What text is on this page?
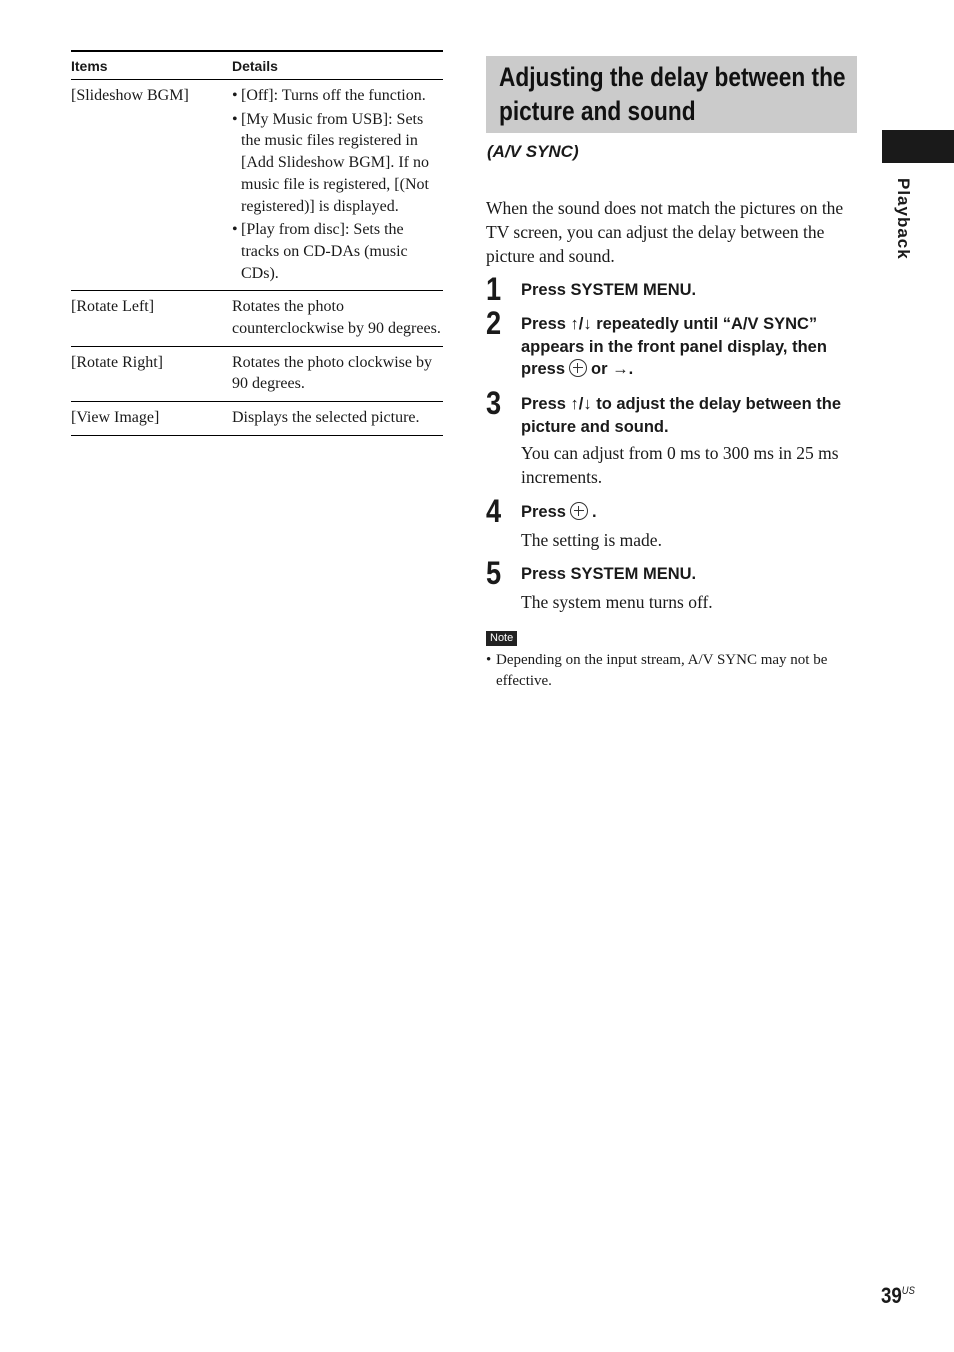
Items	Details
[Slideshow BGM]	• [Off]: Turns off the function.
• [My Music from USB]: Sets the music files registered in [Add Slideshow BGM]. If no music file is registered, [(Not registered)] is displayed.
• [Play from disc]: Sets the tracks on CD-DAs (music CDs).
[Rotate Left]	Rotates the photo counterclockwise by 90 degrees.
[Rotate Right]	Rotates the photo clockwise by 90 degrees.
[View Image]	Displays the selected picture.
Adjusting the delay between the picture and sound
(A/V SYNC)
When the sound does not match the pictures on the TV screen, you can adjust the delay between the picture and sound.
1 Press SYSTEM MENU.
2 Press ↑/↓ repeatedly until “A/V SYNC” appears in the front panel display, then press or →.
3 Press ↑/↓ to adjust the delay between the picture and sound.
You can adjust from 0 ms to 300 ms in 25 ms increments.
4 Press .
The setting is made.
5 Press SYSTEM MENU.
The system menu turns off.
Note
• Depending on the input stream, A/V SYNC may not be effective.
Playback
$39^{US}$
